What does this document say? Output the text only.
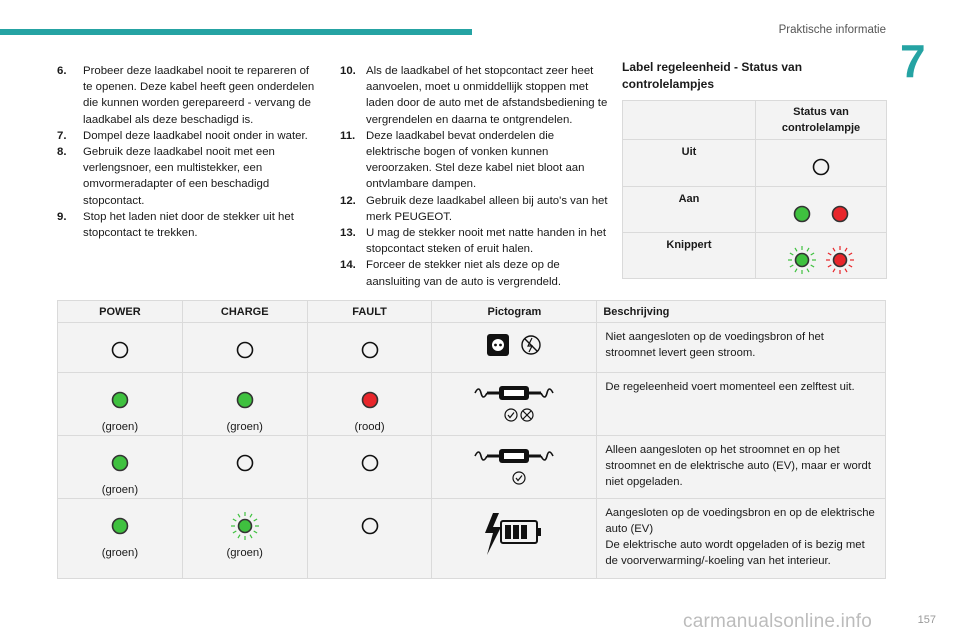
Praktische informatie
7
6.	Probeer deze laadkabel nooit te repareren of te openen. Deze kabel heeft geen onderdelen die kunnen worden gerepareerd - vervang de laadkabel als deze beschadigd is.
7.	Dompel deze laadkabel nooit onder in water.
8.	Gebruik deze laadkabel nooit met een verlengsnoer, een multistekker, een omvormeradapter of een beschadigd stopcontact.
9.	Stop het laden niet door de stekker uit het stopcontact te trekken.
10. Als de laadkabel of het stopcontact zeer heet aanvoelen, moet u onmiddellijk stoppen met laden door de auto met de afstandsbediening te vergrendelen en daarna te ontgrendelen.
11. Deze laadkabel bevat onderdelen die elektrische bogen of vonken kunnen veroorzaken. Stel deze kabel niet bloot aan ontvlambare dampen.
12. Gebruik deze laadkabel alleen bij auto's van het merk PEUGEOT.
13. U mag de stekker nooit met natte handen in het stopcontact steken of eruit halen.
14. Forceer de stekker niet als deze op de aansluiting van de auto is vergrendeld.
Label regeleenheid - Status van controlelampjes
	Status van controlelampje
Uit	
Aan	
Knippert	
POWER	CHARGE	FAULT	Pictogram	Beschrijving
				Niet aangesloten op de voedingsbron of het stroomnet levert geen stroom.

(groen)	(groen)	(rood)		De regeleenheid voert momenteel een zelftest uit.

(groen)				Alleen aangesloten op het stroomnet en op het stroomnet en de elektrische auto (EV), maar er wordt niet opgeladen.

(groen)	(groen)			Aangesloten op de voedingsbron en op de elektrische auto (EV)
De elektrische auto wordt opgeladen of is bezig met de voorverwarming/-koeling van het interieur.
157
carmanualsonline.info
